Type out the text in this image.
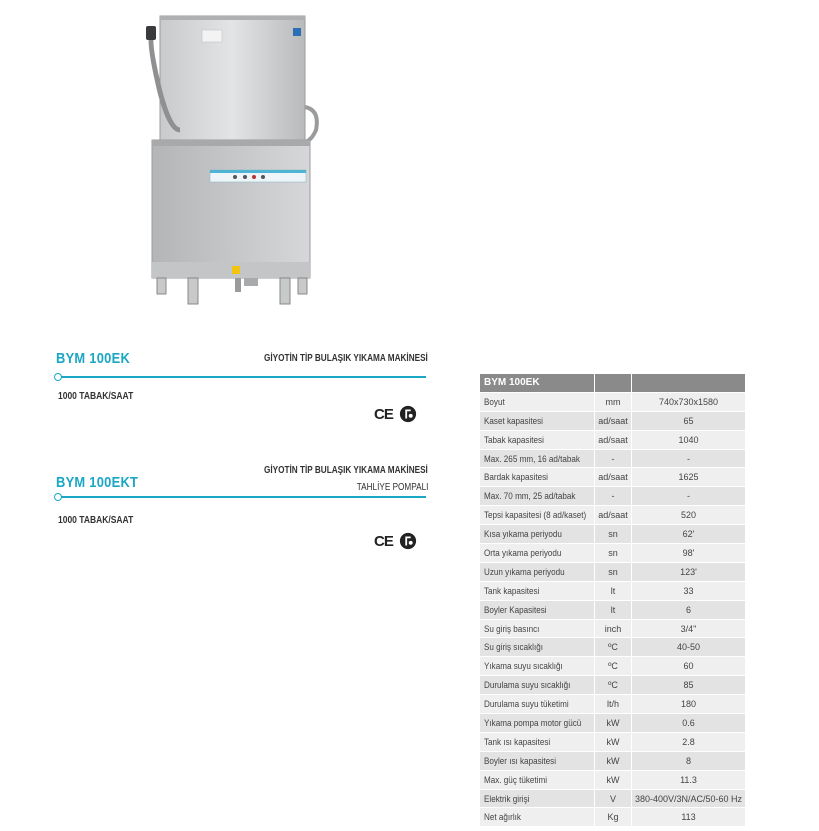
BYM 100EK	GİYOTİN TİP BULAŞIK YIKAMA MAKİNESİ
1000 TABAK/SAAT
CE
BYM 100EKT
GİYOTİN TİP BULAŞIK YIKAMA MAKİNESİ
TAHLİYE POMPALI
1000 TABAK/SAAT
CE
BYM 100EK		
Boyut	mm	740x730x1580
Kaset kapasitesi	ad/saat	65
Tabak kapasitesi	ad/saat	1040
Max. 265 mm, 16 ad/tabak	-	-
Bardak kapasitesi	ad/saat	1625
Max. 70 mm, 25 ad/tabak	-	-
Tepsi kapasitesi (8 ad/kaset)	ad/saat	520
Kısa yıkama periyodu	sn	62'
Orta yıkama periyodu	sn	98'
Uzun yıkama periyodu	sn	123'
Tank kapasitesi	lt	33
Boyler Kapasitesi	lt	6
Su giriş basıncı	inch	3/4"
Su giriş sıcaklığı	ºC	40-50
Yıkama suyu sıcaklığı	ºC	60
Durulama suyu sıcaklığı	ºC	85
Durulama suyu tüketimi	lt/h	180
Yıkama pompa motor gücü	kW	0.6
Tank ısı kapasitesi	kW	2.8
Boyler ısı kapasitesi	kW	8
Max. güç tüketimi	kW	11.3
Elektrik girişi	V	380-400V/3N/AC/50-60 Hz
Net ağırlık	Kg	113
